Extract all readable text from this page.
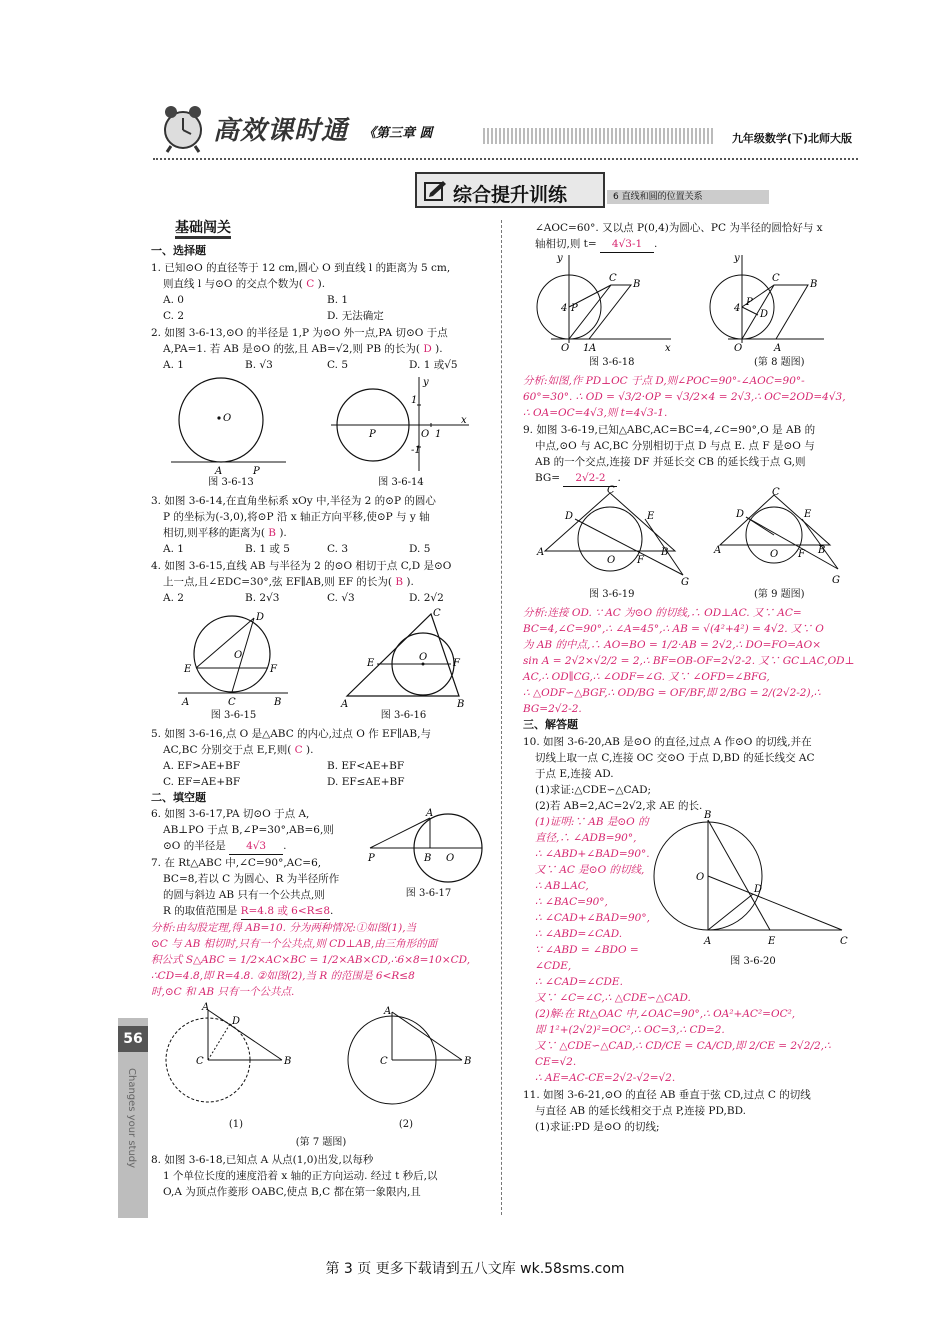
高效课时通 《第三章 圆	九年级数学(下)北师大版
综合提升训练	6 直线和圆的位置关系
基础闯关
一、选择题
1. 已知⊙O 的直径等于 12 cm,圆心 O 到直线 l 的距离为 5 cm,
则直线 l 与⊙O 的交点个数为( C ).
A. 0	B. 1
C. 2	D. 无法确定
2. 如图 3-6-13,⊙O 的半径是 1,P 为⊙O 外一点,PA 切⊙O 于点
A,PA=1. 若 AB 是⊙O 的弦,且 AB=√2,则 PB 的长为( D ).
A. 1	B. √3	C. 5	D. 1 或√5
O
A	P
图 3-6-13
P	O 1
x
y
1
-1
图 3-6-14
3. 如图 3-6-14,在直角坐标系 xOy 中,半径为 2 的⊙P 的圆心
P 的坐标为(-3,0),将⊙P 沿 x 轴正方向平移,使⊙P 与 y 轴
相切,则平移的距离为( B ).
A. 1	B. 1 或 5	C. 3	D. 5
4. 如图 3-6-15,直线 AB 与半径为 2 的⊙O 相切于点 C,D 是⊙O
上一点,且∠EDC=30°,弦 EF∥AB,则 EF 的长为( B ).
A. 2	B. 2√3	C. √3	D. 2√2
E	F
D
O
A	C	B
图 3-6-15
O
E	F
A	B
C
图 3-6-16
5. 如图 3-6-16,点 O 是△ABC 的内心,过点 O 作 EF∥AB,与
AC,BC 分别交于点 E,F,则( C ).
A. EF>AE+BF	B. EF<AE+BF
C. EF=AE+BF	D. EF≤AE+BF
二、填空题
6. 如图 3-6-17,PA 切⊙O 于点 A,
AB⊥PO 于点 B,∠P=30°,AB=6,则
⊙O 的半径是 4√3 .
7. 在 Rt△ABC 中,∠C=90°,AC=6,
BC=8,若以 C 为圆心、R 为半径所作
的圆与斜边 AB 只有一个公共点,则
R 的取值范围是 R=4.8 或 6<R≤8.
P
A
B O
图 3-6-17
分析:由勾股定理,得 AB=10. 分为两种情况:①如图(1),当
⊙C 与 AB 相切时,只有一个公共点,则 CD⊥AB,由三角形的面
积公式 S△ABC = 1/2×AC×BC = 1/2×AB×CD,∴6×8=10×CD,
∴CD=4.8,即 R=4.8. ②如图(2),当 R 的范围是 6<R≤8
时,⊙C 和 AB 只有一个公共点.
A
D
C	B
(1)
A
C	B
(2)
(第 7 题图)
8. 如图 3-6-18,已知点 A 从点(1,0)出发,以每秒
1 个单位长度的速度沿着 x 轴的正方向运动. 经过 t 秒后,以
O,A 为顶点作菱形 OABC,使点 B,C 都在第一象限内,且
∠AOC=60°. 又以点 P(0,4)为圆心、PC 为半径的圆恰好与 x
轴相切,则 t= 4√3-1 .
y
4 P
O 1 A	x
C
B
图 3-6-18
y
4
P
D
O	A
C
B
(第 8 题图)
分析:如图,作 PD⊥OC 于点 D,则∠POC=90°-∠AOC=90°-
60°=30°. ∴ OD = √3/2·OP = √3/2×4 = 2√3,∴ OC=2OD=4√3,
∴ OA=OC=4√3,则 t=4√3-1.
9. 如图 3-6-19,已知△ABC,AC=BC=4,∠C=90°,O 是 AB 的
中点,⊙O 与 AC,BC 分别相切于点 D 与点 E. 点 F 是⊙O 与
AB 的一个交点,连接 DF 并延长交 CB 的延长线于点 G,则
BG= 2√2-2 .
C
D	E
A
O F
B
G
图 3-6-19
C
D	E
A	O F B
G
(第 9 题图)
分析:连接 OD. ∵ AC 为⊙O 的切线,∴ OD⊥AC. 又∵ AC=
BC=4,∠C=90°,∴ ∠A=45°,∴ AB = √(4²+4²) = 4√2. 又∵ O
为 AB 的中点,∴ AO=BO = 1/2·AB = 2√2,∴ DO=FO=AO×
sin A = 2√2×√2/2 = 2,∴ BF=OB-OF=2√2-2. 又∵ GC⊥AC,OD⊥
AC,∴ OD∥CG,∴ ∠ODF=∠G. 又∵ ∠OFD=∠BFG,
∴ △ODF∽△BGF,∴ OD/BG = OF/BF,即 2/BG = 2/(2√2-2),∴ BG=2√2-2.
三、解答题
10. 如图 3-6-20,AB 是⊙O 的直径,过点 A 作⊙O 的切线,并在
切线上取一点 C,连接 OC 交⊙O 于点 D,BD 的延长线交 AC
于点 E,连接 AD.
(1)求证:△CDE∽△CAD;
(2)若 AB=2,AC=2√2,求 AE 的长.
(1)证明:∵ AB 是⊙O 的
直径,∴ ∠ADB=90°,
∴ ∠ABD+∠BAD=90°.
又∵ AC 是⊙O 的切线,
∴ AB⊥AC,
∴ ∠BAC=90°,
∴ ∠CAD+∠BAD=90°,
∴ ∠ABD=∠CAD.
∵ ∠ABD = ∠BDO =
∠CDE,
∴ ∠CAD=∠CDE.
B
O
D
A	E	C
图 3-6-20
又∵ ∠C=∠C,∴ △CDE∽△CAD.
(2)解:在 Rt△OAC 中,∠OAC=90°,∴ OA²+AC²=OC²,
即 1²+(2√2)²=OC²,∴ OC=3,∴ CD=2.
又∵ △CDE∽△CAD,∴ CD/CE = CA/CD,即 2/CE = 2√2/2,∴ CE=√2.
∴ AE=AC-CE=2√2-√2=√2.
11. 如图 3-6-21,⊙O 的直径 AB 垂直于弦 CD,过点 C 的切线
与直径 AB 的延长线相交于点 P,连接 PD,BD.
(1)求证:PD 是⊙O 的切线;
56
Changes your study
第 3 页 更多下载请到五八文库 wk.58sms.com
